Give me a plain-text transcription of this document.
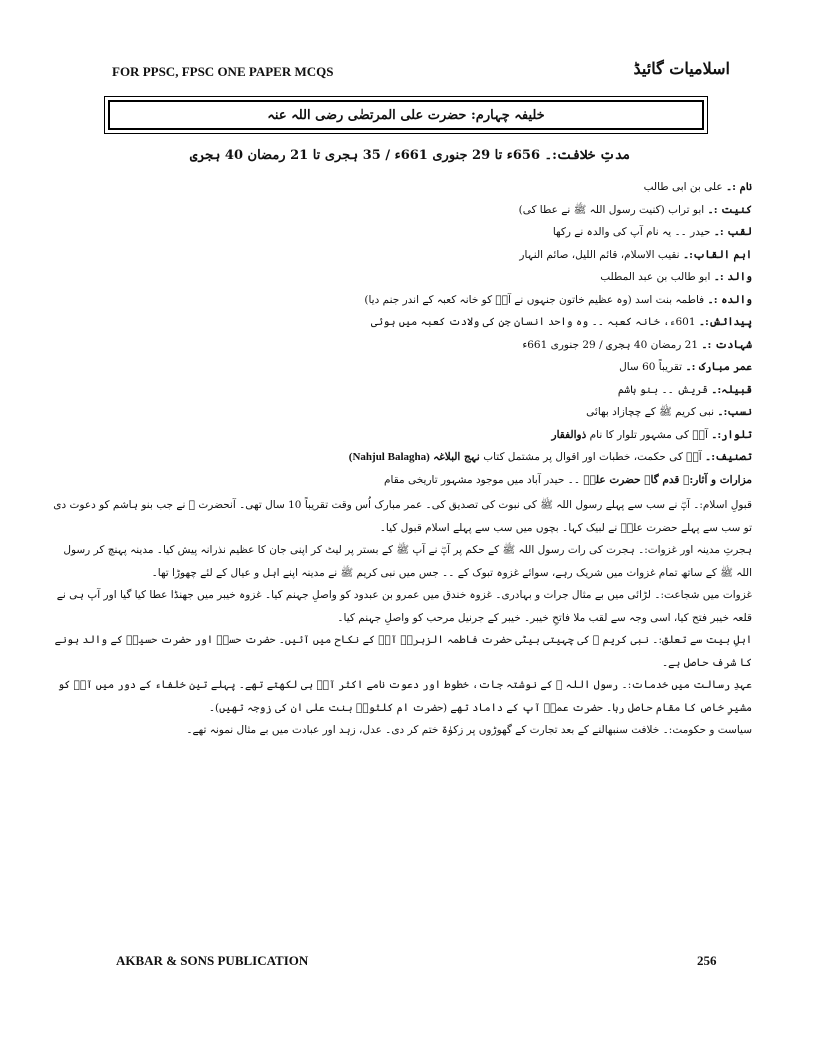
FOR PPSC, FPSC ONE PAPER MCQS	اسلامیات گائیڈ
خلیفہ چہارم: حضرت علی المرتضٰی رضی اللہ عنہ
مدتِ خلافت:۔ 656ء تا 29 جنوری 661ء / 35 ہجری تا 21 رمضان 40 ہجری

نام :۔ علی بن ابی طالب

کنیت :۔ ابو تراب (کنیت رسول اللہ ﷺ نے عطا کی)

لقب :۔ حیدر ۔۔ یہ نام آپ کی والدہ نے رکھا

اہم القاب:۔ نقیب الاسلام، قائم اللیل، صائم النہار

والد :۔ ابو طالب بن عبد المطلب

والدہ :۔ فاطمہ بنت اسد (وہ عظیم خاتون جنہوں نے آپؓ کو خانہ کعبہ کے اندر جنم دیا)

پیدائش:۔ 601ء، خانہ کعبہ ۔۔ وہ واحد انسان جن کی ولادت کعبہ میں ہوئی

شہادت :۔ 21 رمضان 40 ہجری / 29 جنوری 661ء

عمر مبارک :۔ تقریباً 60 سال

قبیلہ:۔ قریش ۔۔ بنو ہاشم

نسب:۔ نبی کریم ﷺ کے چچازاد بھائی

تلوار:۔ آپؓ کی مشہور تلوار کا نام ذوالفقار

تصنیف:۔ آپؓ کی حکمت، خطبات اور اقوال پر مشتمل کتاب نہج البلاغہ (Nahjul Balagha)

مزارات و آثار:۔ قدم گاہ حضرت علیؓ ۔۔ حیدر آباد میں موجود مشہور تاریخی مقام

قبولِ اسلام:۔ آپؓ نے سب سے پہلے رسول اللہ ﷺ کی نبوت کی تصدیق کی۔ عمر مبارک اُس وقت تقریباً 10 سال تھی۔ آنحضرت ﷺ نے جب بنو ہاشم کو دعوت دی تو سب سے پہلے حضرت علیؓ نے لبیک کہا۔ بچوں میں سب سے پہلے اسلام قبول کیا۔

ہجرتِ مدینہ اور غزوات:۔ ہجرت کی رات رسول اللہ ﷺ کے حکم پر آپؓ نے آپ ﷺ کے بستر پر لیٹ کر اپنی جان کا عظیم نذرانہ پیش کیا۔ مدینہ پہنچ کر رسول اللہ ﷺ کے ساتھ تمام غزوات میں شریک رہے، سوائے غزوہ تبوک کے ۔۔ جس میں نبی کریم ﷺ نے مدینہ اپنے اہل و عیال کے لئے چھوڑا تھا۔

غزوات میں شجاعت:۔ لڑائی میں بے مثال جرات و بہادری۔ غزوہ خندق میں عمرو بن عبدود کو واصلِ جہنم کیا۔ غزوہ خیبر میں جھنڈا عطا کیا گیا اور آپ ہی نے قلعہ خیبر فتح کیا، اسی وجہ سے لقب ملا فاتحِ خیبر۔ خیبر کے جرنیل مرحب کو واصلِ جہنم کیا۔

اہلِ بیت سے تعلق:۔ نبی کریم ﷺ کی چہیتی بیٹی حضرت فاطمہ الزہراؓ آپؓ کے نکاح میں آئیں۔ حضرت حسنؓ اور حضرت حسینؓ کے والد ہونے کا شرف حاصل ہے۔

عہدِ رسالت میں خدمات:۔ رسول اللہ ﷺ کے نوشتہ جات، خطوط اور دعوت نامے اکثر آپؓ ہی لکھتے تھے۔ پہلے تین خلفاء کے دور میں آپؓ کو مشیرِ خاص کا مقام حاصل رہا۔ حضرت عمرؓ آپ کے داماد تھے (حضرت ام کلثومؓ بنت علی ان کی زوجہ تھیں)۔

سیاست و حکومت:۔ خلافت سنبھالنے کے بعد تجارت کے گھوڑوں پر زکوٰۃ ختم کر دی۔ عدل، زہد اور عبادت میں بے مثال نمونہ تھے۔

AKBAR & SONS PUBLICATION	256
